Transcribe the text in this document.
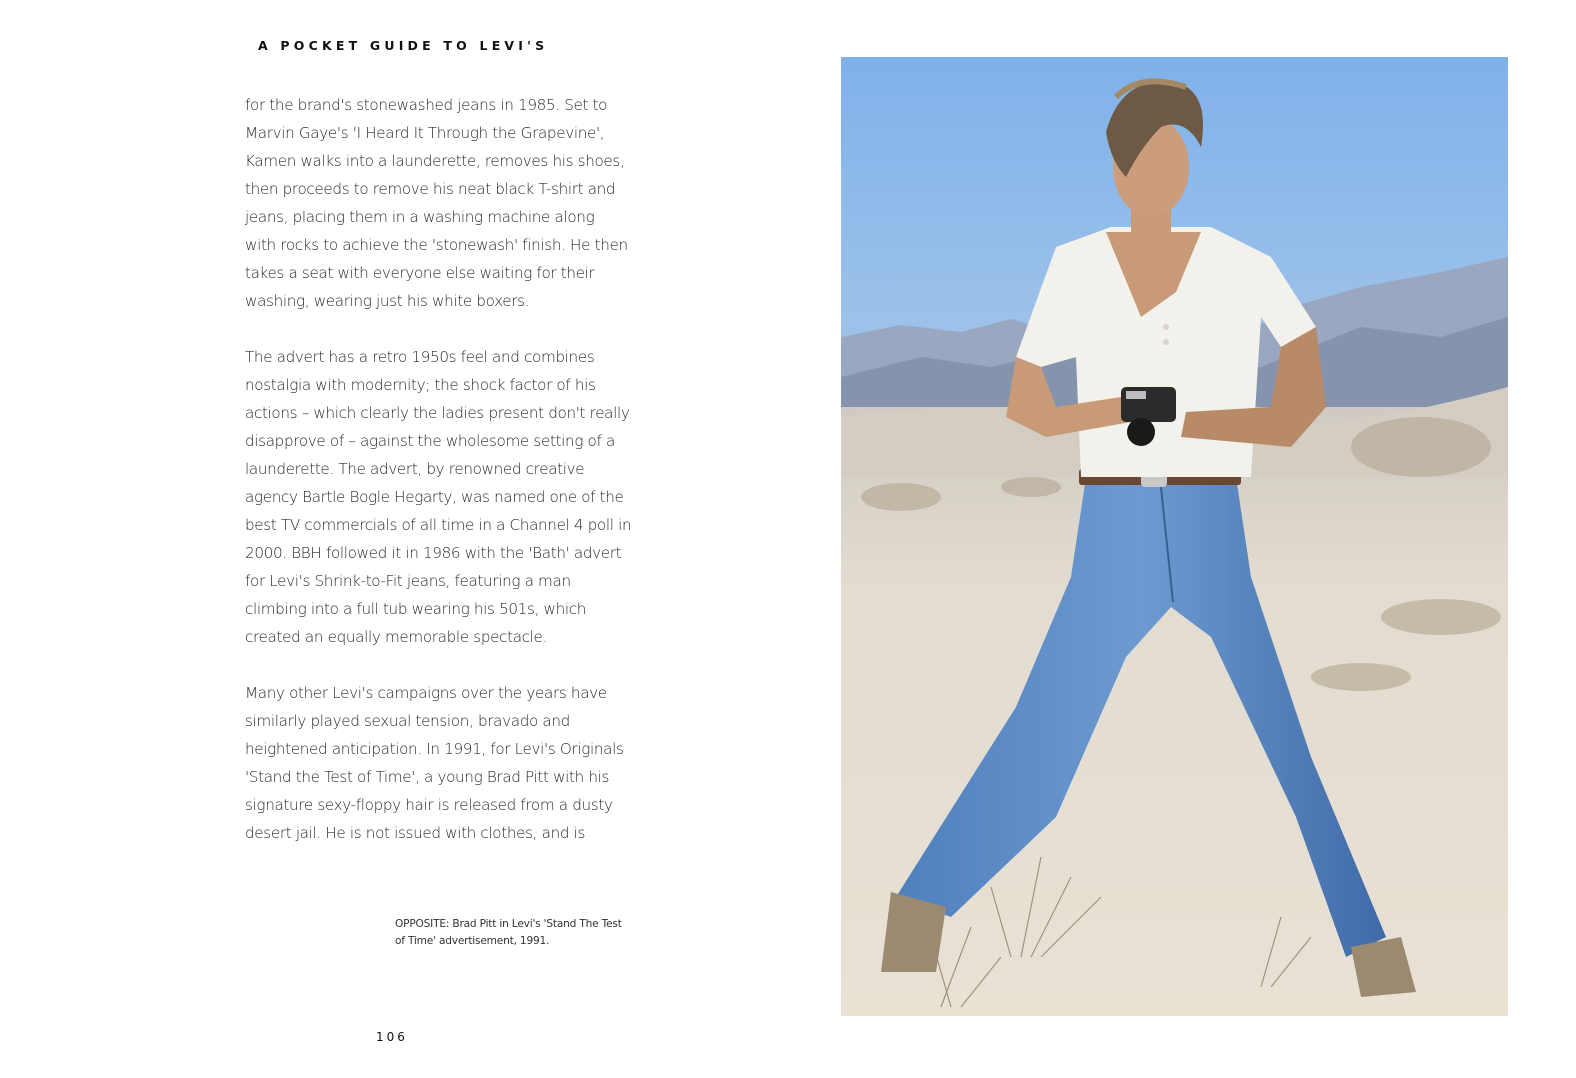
A POCKET GUIDE TO LEVI'S
for the brand's stonewashed jeans in 1985. Set to
Marvin Gaye's 'I Heard It Through the Grapevine',
Kamen walks into a launderette, removes his shoes,
then proceeds to remove his neat black T-shirt and
jeans, placing them in a washing machine along
with rocks to achieve the 'stonewash' finish. He then
takes a seat with everyone else waiting for their
washing, wearing just his white boxers.
The advert has a retro 1950s feel and combines
nostalgia with modernity; the shock factor of his
actions – which clearly the ladies present don't really
disapprove of – against the wholesome setting of a
launderette. The advert, by renowned creative
agency Bartle Bogle Hegarty, was named one of the
best TV commercials of all time in a Channel 4 poll in
2000. BBH followed it in 1986 with the 'Bath' advert
for Levi's Shrink-to-Fit jeans, featuring a man
climbing into a full tub wearing his 501s, which
created an equally memorable spectacle.
Many other Levi's campaigns over the years have
similarly played sexual tension, bravado and
heightened anticipation. In 1991, for Levi's Originals
'Stand the Test of Time', a young Brad Pitt with his
signature sexy-floppy hair is released from a dusty
desert jail. He is not issued with clothes, and is
OPPOSITE: Brad Pitt in Levi's 'Stand The Test
of Time' advertisement, 1991.
106
